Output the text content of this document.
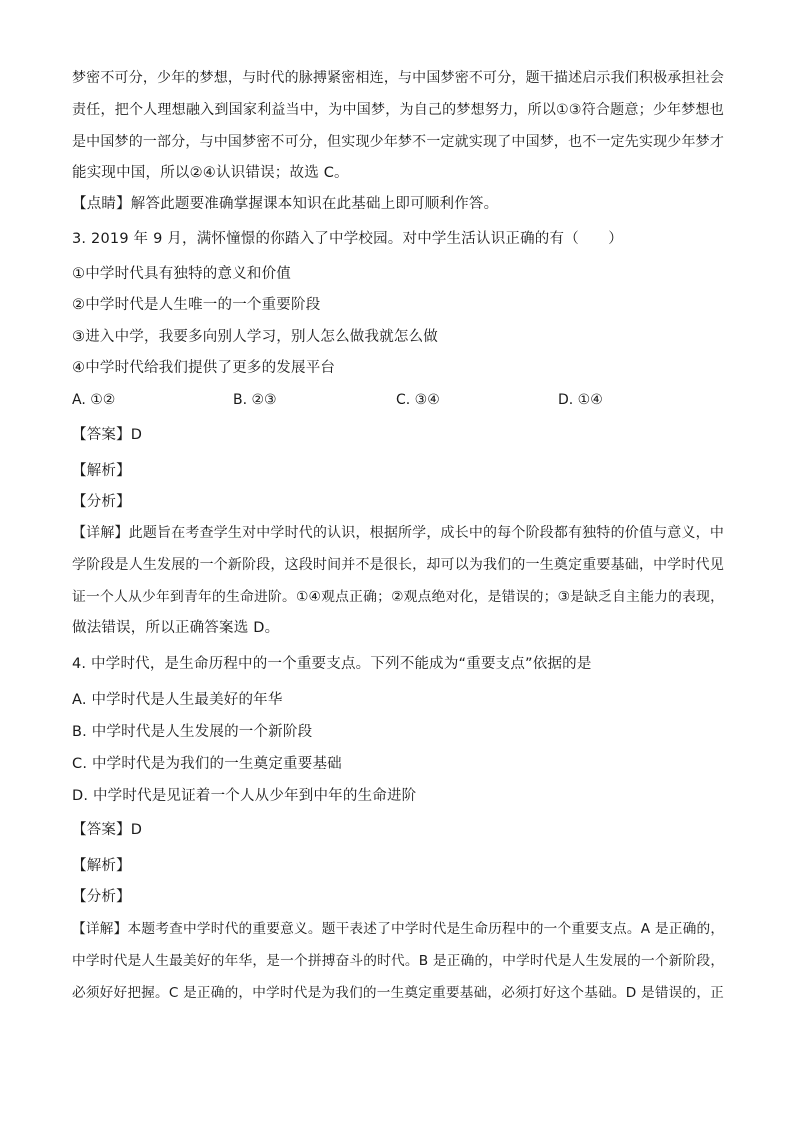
梦密不可分，少年的梦想，与时代的脉搏紧密相连，与中国梦密不可分，题干描述启示我们积极承担社会
责任，把个人理想融入到国家利益当中，为中国梦，为自己的梦想努力，所以①③符合题意；少年梦想也
是中国梦的一部分，与中国梦密不可分，但实现少年梦不一定就实现了中国梦，也不一定先实现少年梦才
能实现中国，所以②④认识错误；故选 C。
【点睛】解答此题要准确掌握课本知识在此基础上即可顺利作答。
3. 2019 年 9 月，满怀憧憬的你踏入了中学校园。对中学生活认识正确的有（　　）
①中学时代具有独特的意义和价值
②中学时代是人生唯一的一个重要阶段
③进入中学，我要多向别人学习，别人怎么做我就怎么做
④中学时代给我们提供了更多的发展平台
A. ①②	B. ②③	C. ③④	D. ①④
【答案】D
【解析】
【分析】
【详解】此题旨在考查学生对中学时代的认识，根据所学，成长中的每个阶段都有独特的价值与意义，中
学阶段是人生发展的一个新阶段，这段时间并不是很长，却可以为我们的一生奠定重要基础，中学时代见
证一个人从少年到青年的生命进阶。①④观点正确；②观点绝对化，是错误的；③是缺乏自主能力的表现，
做法错误，所以正确答案选 D。
4. 中学时代，是生命历程中的一个重要支点。下列不能成为“重要支点”依据的是
A. 中学时代是人生最美好的年华
B. 中学时代是人生发展的一个新阶段
C. 中学时代是为我们的一生奠定重要基础
D. 中学时代是见证着一个人从少年到中年的生命进阶
【答案】D
【解析】
【分析】
【详解】本题考查中学时代的重要意义。题干表述了中学时代是生命历程中的一个重要支点。A 是正确的，
中学时代是人生最美好的年华，是一个拼搏奋斗的时代。B 是正确的，中学时代是人生发展的一个新阶段，
必须好好把握。C 是正确的，中学时代是为我们的一生奠定重要基础，必须打好这个基础。D 是错误的，正
